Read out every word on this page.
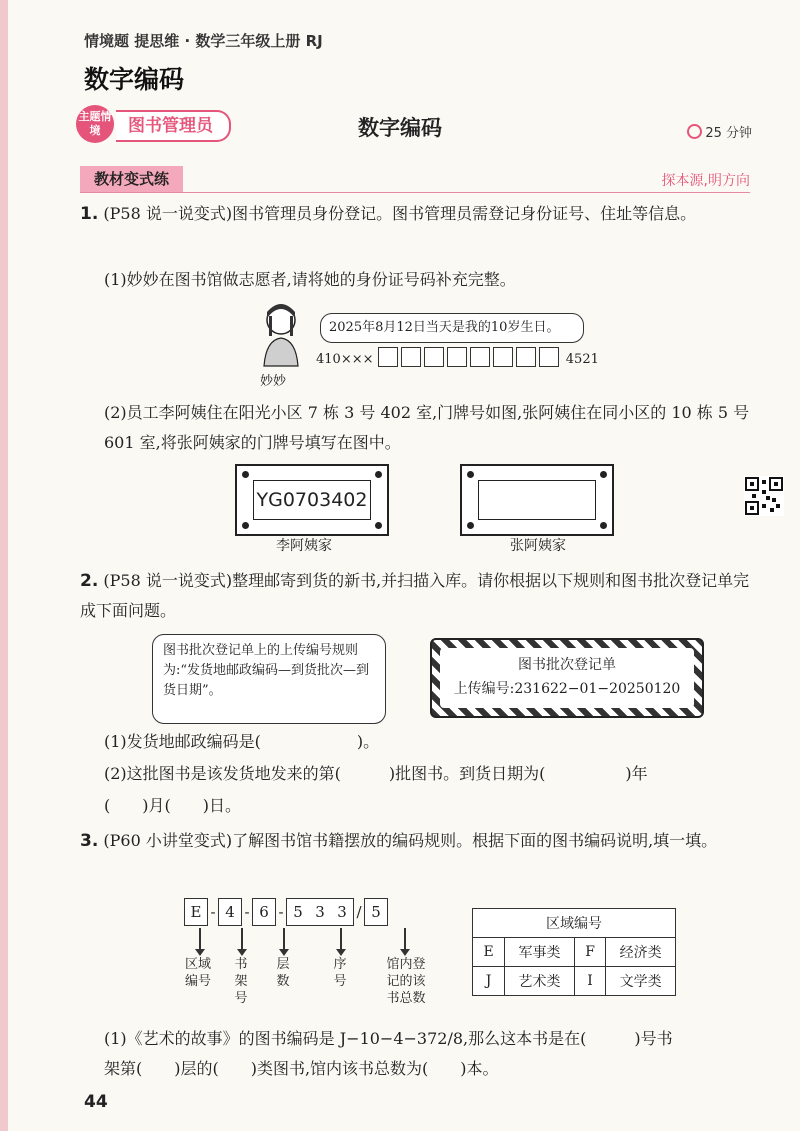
情境题 提思维 · 数学三年级上册 RJ
数字编码
主题情境	图书管理员	数字编码	25 分钟
教材变式练	探本源,明方向
1. (P58 说一说变式)图书管理员身份登记。图书管理员需登记身份证号、住址等信息。
(1)妙妙在图书馆做志愿者,请将她的身份证号码补充完整。
妙妙
2025年8月12日当天是我的10岁生日。
410×××	4521
(2)员工李阿姨住在阳光小区 7 栋 3 号 402 室,门牌号如图,张阿姨住在同小区的 10 栋 5 号 601 室,将张阿姨家的门牌号填写在图中。
YG0703402
李阿姨家	张阿姨家
2. (P58 说一说变式)整理邮寄到货的新书,并扫描入库。请你根据以下规则和图书批次登记单完成下面问题。
图书批次登记单上的上传编号规则为:“发货地邮政编码—到货批次—到货日期”。
图书批次登记单
上传编号:231622−01−20250120
(1)发货地邮政编码是(　　　　　　)。
(2)这批图书是该发货地发来的第(　　　)批图书。到货日期为(　　　　　)年
(　　)月(　　)日。
3. (P60 小讲堂变式)了解图书馆书籍摆放的编码规则。根据下面的图书编码说明,填一填。
E - 4 - 6 - 5 3 3 / 5
区域编号
书架号
层数
序号
馆内登记的该书总数
区域编号			
E	军事类	F	经济类
J	艺术类	I	文学类
(1)《艺术的故事》的图书编码是 J−10−4−372/8,那么这本书是在(　　　)号书
架第(　　)层的(　　)类图书,馆内该书总数为(　　)本。
44
